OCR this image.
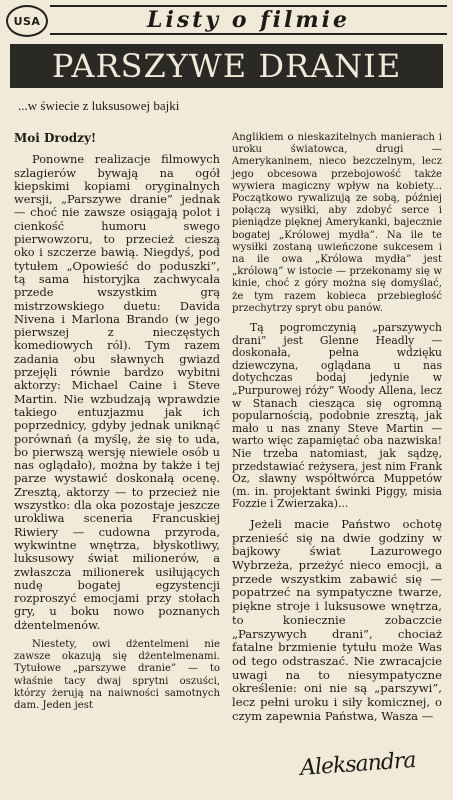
USA	Listy o filmie
PARSZYWE DRANIE
...w świecie z luksusowej bajki

Moi Drodzy!

Ponowne realizacje filmowych szlagierów bywają na ogół kiepskimi kopiami oryginalnych wersji, „Parszywe dranie” jednak — choć nie zawsze osiągają polot i cienkość humoru swego pierwowzoru, to przecież cieszą oko i szczerze bawią. Niegdyś, pod tytułem „Opowieść do poduszki”, tą sama historyjka zachwycała przede wszystkim grą mistrzowskiego duetu: Davida Nivena i Marlona Brando (w jego pierwszej z nieczęstych komediowych ról). Tym razem zadania obu sławnych gwiazd przejęli równie bardzo wybitni aktorzy: Michael Caine i Steve Martin. Nie wzbudzają wprawdzie takiego entuzjazmu jak ich poprzednicy, gdyby jednak uniknąć porównań (a myślę, że się to uda, bo pierwszą wersję niewiele osób u nas oglądało), można by także i tej parze wystawić doskonałą ocenę. Zresztą, aktorzy — to przecież nie wszystko: dla oka pozostaje jeszcze urokliwa sceneria Francuskiej Riwiery — cudowna przyroda, wykwintne wnętrza, błyskotliwy, luksusowy świat milionerów, a zwłaszcza milionerek usiłujących nudę bogatej egzystencji rozproszyć emocjami przy stołach gry, u boku nowo poznanych dżentelmenów.

Niestety, owi dżentelmeni nie zawsze okazują się dżentelmenami. Tytułowe „parszywe dranie” — to właśnie tacy dwaj sprytni oszuści, którzy żerują na naiwności samotnych dam. Jeden jest

Anglikiem o nieskazitelnych manierach i uroku światowca, drugi — Amerykaninem, nieco bezczelnym, lecz jego obcesowa przebojowość także wywiera magiczny wpływ na kobiety... Początkowo rywalizują ze sobą, później połączą wysiłki, aby zdobyć serce i pieniądze pięknej Amerykanki, bajecznie bogatej „Królowej mydła”. Na ile te wysiłki zostaną uwieńczone sukcesem i na ile owa „Królowa mydła” jest „królową” w istocie — przekonamy się w kinie, choć z góry można się domyślać, że tym razem kobieca przebiegłość przechytrzy spryt obu panów.

Tą pogromczynią „parszywych drani” jest Glenne Headly — doskonała, pełna wdzięku dziewczyna, oglądana u nas dotychczas bodaj jedynie w „Purpurowej róży” Woody Allena, lecz w Stanach ciesząca się ogromną popularnością, podobnie zresztą, jak mało u nas znany Steve Martin — warto więc zapamiętać oba nazwiska! Nie trzeba natomiast, jak sądzę, przedstawiać reżysera, jest nim Frank Oz, sławny współtwórca Muppetów (m. in. projektant świnki Piggy, misia Fozzie i Zwierzaka)...

Jeżeli macie Państwo ochotę przenieść się na dwie godziny w bajkowy świat Lazurowego Wybrzeża, przeżyć nieco emocji, a przede wszystkim zabawić się — popatrzeć na sympatyczne twarze, piękne stroje i luksusowe wnętrza, to koniecznie zobaczcie „Parszywych drani”, chociaż fatalne brzmienie tytułu może Was od tego odstraszać. Nie zwracajcie uwagi na to niesympatyczne określenie: oni nie są „parszywi”, lecz pełni uroku i siły komicznej, o czym zapewnia Państwa, Wasza —

Aleksandra
